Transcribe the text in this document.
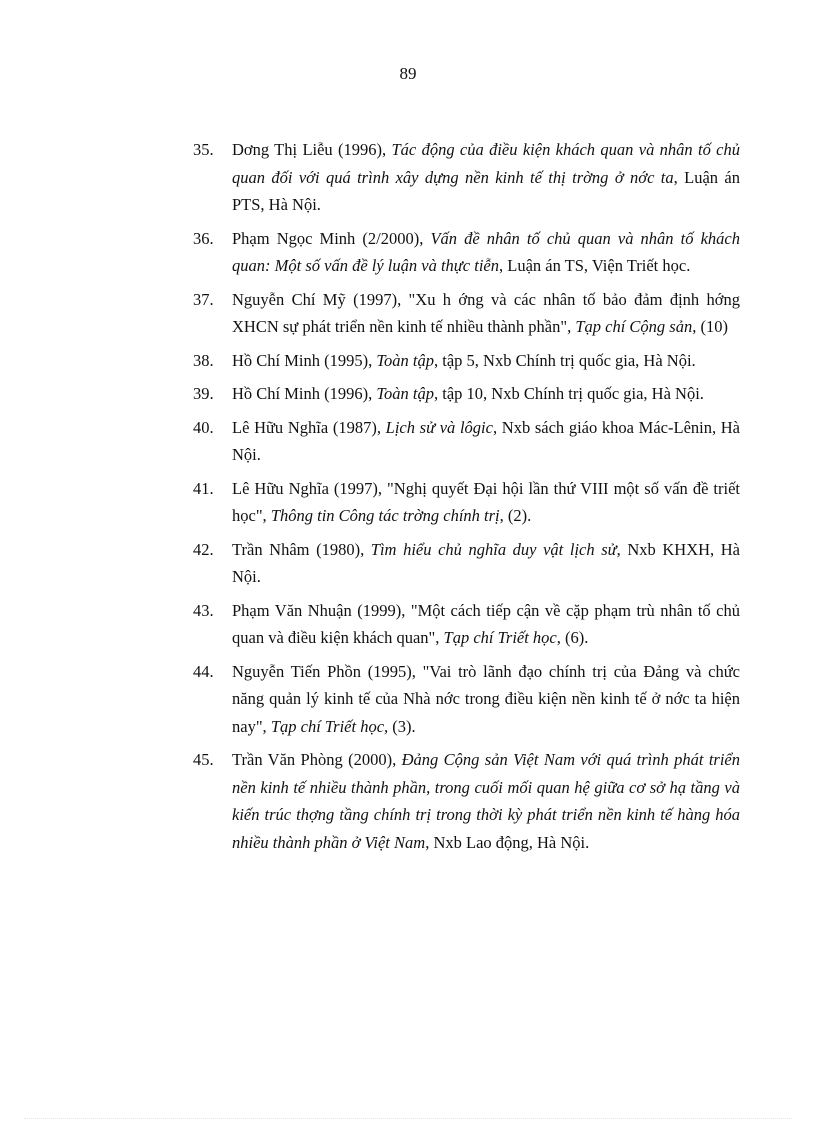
89
35. Dơng Thị Liễu (1996), Tác động của điều kiện khách quan và nhân tố chủ quan đối với quá trình xây dựng nền kinh tế thị trờng ở nớc ta, Luận án PTS, Hà Nội.
36. Phạm Ngọc Minh (2/2000), Vấn đề nhân tố chủ quan và nhân tố khách quan: Một số vấn đề lý luận và thực tiễn, Luận án TS, Viện Triết học.
37. Nguyễn Chí Mỹ (1997), "Xu h ớng và các nhân tố bảo đảm định hớng XHCN sự phát triển nền kinh tế nhiều thành phần", Tạp chí Cộng sản, (10)
38. Hồ Chí Minh (1995), Toàn tập, tập 5, Nxb Chính trị quốc gia, Hà Nội.
39. Hồ Chí Minh (1996), Toàn tập, tập 10, Nxb Chính trị quốc gia, Hà Nội.
40. Lê Hữu Nghĩa (1987), Lịch sử và lôgic, Nxb sách giáo khoa Mác-Lênin, Hà Nội.
41. Lê Hữu Nghĩa (1997), "Nghị quyết Đại hội lần thứ VIII một số vấn đề triết học", Thông tin Công tác trờng chính trị, (2).
42. Trần Nhâm (1980), Tìm hiểu chủ nghĩa duy vật lịch sử, Nxb KHXH, Hà Nội.
43. Phạm Văn Nhuận (1999), "Một cách tiếp cận về cặp phạm trù nhân tố chủ quan và điều kiện khách quan", Tạp chí Triết học, (6).
44. Nguyễn Tiến Phồn (1995), "Vai trò lãnh đạo chính trị của Đảng và chức năng quản lý kinh tế của Nhà nớc trong điều kiện nền kinh tế ở nớc ta hiện nay", Tạp chí Triết học, (3).
45. Trần Văn Phòng (2000), Đảng Cộng sản Việt Nam với quá trình phát triển nền kinh tế nhiều thành phần, trong cuối mối quan hệ giữa cơ sở hạ tầng và kiến trúc thợng tầng chính trị trong thời kỳ phát triển nền kinh tế hàng hóa nhiều thành phần ở Việt Nam, Nxb Lao động, Hà Nội.
